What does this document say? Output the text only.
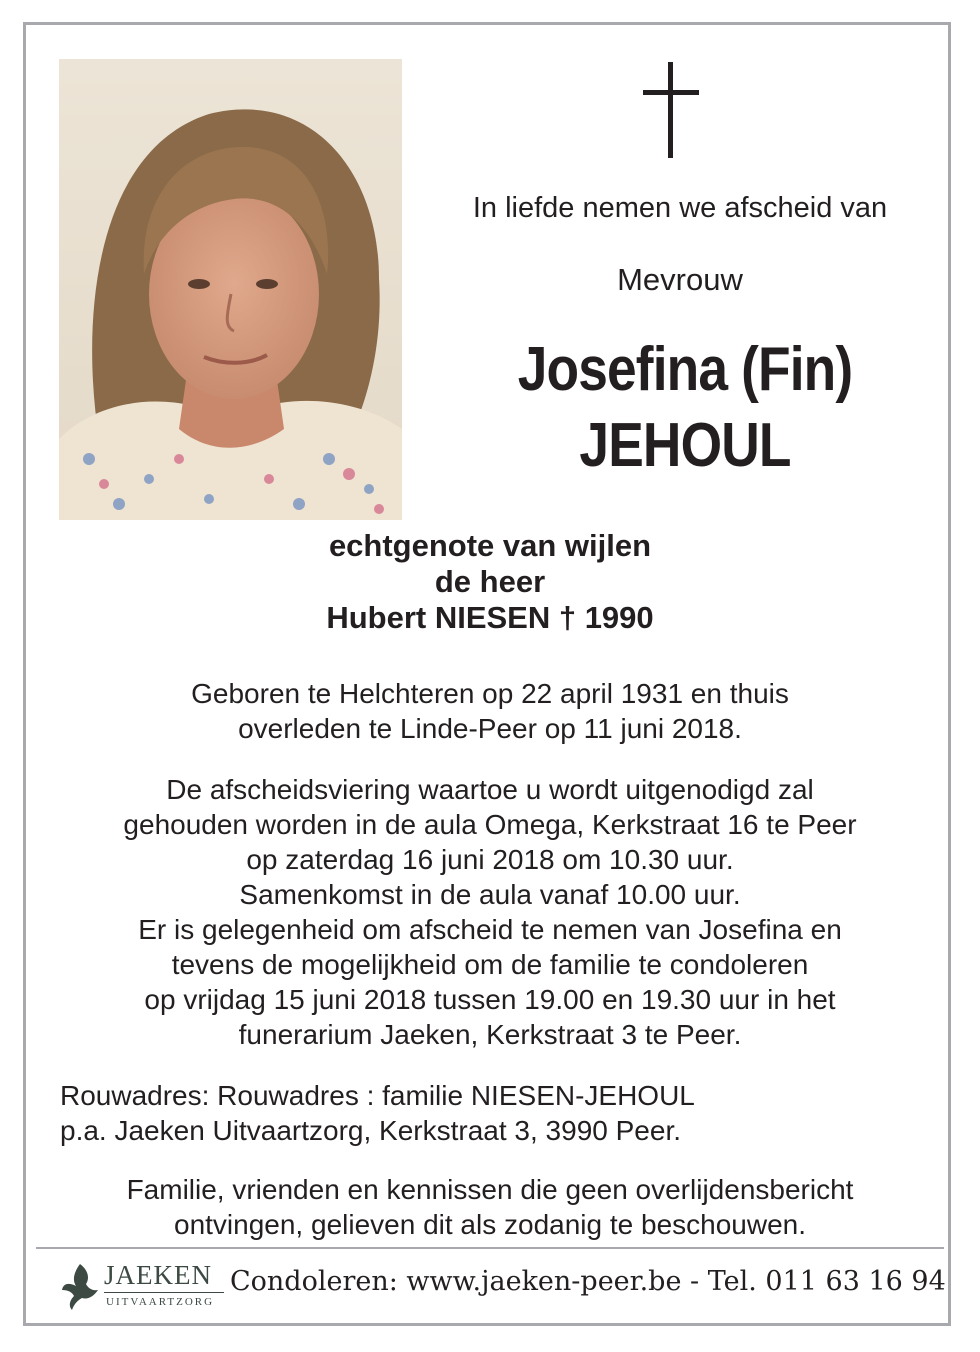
In liefde nemen we afscheid van
Mevrouw
Josefina (Fin)
JEHOUL
echtgenote van wijlen
de heer
Hubert NIESEN † 1990
Geboren te Helchteren op 22 april 1931 en thuis
overleden te Linde-Peer op 11 juni 2018.
De afscheidsviering waartoe u wordt uitgenodigd zal
gehouden worden in de aula Omega, Kerkstraat 16 te Peer
op zaterdag 16 juni 2018 om 10.30 uur.
Samenkomst in de aula vanaf 10.00 uur.
Er is gelegenheid om afscheid te nemen van Josefina en
tevens de mogelijkheid om de familie te condoleren
op vrijdag 15 juni 2018 tussen 19.00 en 19.30 uur in het
funerarium Jaeken, Kerkstraat 3 te Peer.
Rouwadres: Rouwadres : familie NIESEN-JEHOUL
p.a. Jaeken Uitvaartzorg, Kerkstraat 3, 3990 Peer.
Familie, vrienden en kennissen die geen overlijdensbericht
ontvingen, gelieven dit als zodanig te beschouwen.
JAEKEN
UITVAARTZORG
Condoleren: www.jaeken-peer.be - Tel. 011 63 16 94
